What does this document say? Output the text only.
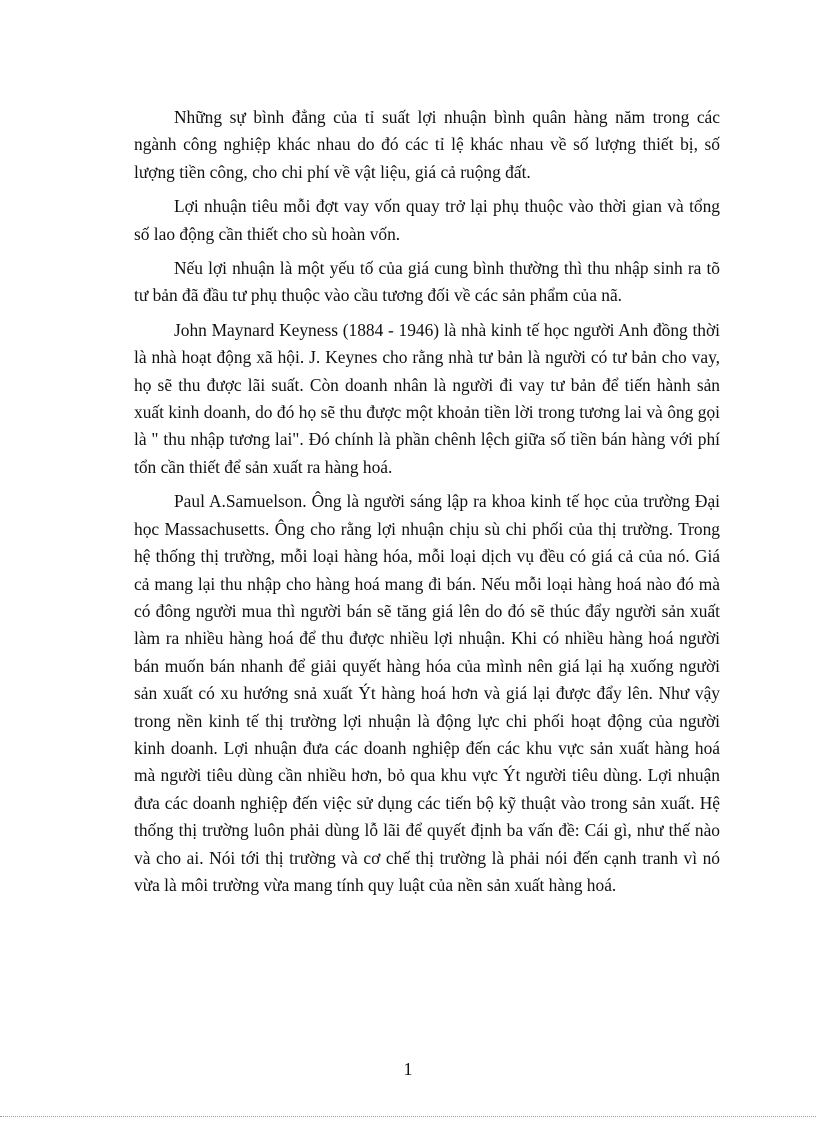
Những sự bình đẳng của tỉ suất lợi nhuận bình quân hàng năm trong các ngành công nghiệp khác nhau do đó các tỉ lệ khác nhau về số lượng thiết bị, số lượng tiền công, cho chi phí về vật liệu, giá cả ruộng đất.

Lợi nhuận tiêu mỗi đợt vay vốn quay trở lại phụ thuộc vào thời gian và tổng số lao động cần thiết cho sù hoàn vốn.

Nếu lợi nhuận là một yếu tố của giá cung bình thường thì thu nhập sinh ra tõ tư bản đã đầu tư phụ thuộc vào cầu tương đối về các sản phẩm của nã.

John Maynard Keyness (1884 - 1946) là nhà kinh tế học người Anh đồng thời là nhà hoạt động xã hội. J. Keynes cho rằng nhà tư bản là người có tư bản cho vay, họ sẽ thu được lãi suất. Còn doanh nhân là người đi vay tư bản để tiến hành sản xuất kinh doanh, do đó họ sẽ thu được một khoản tiền lời trong tương lai và ông gọi là " thu nhập tương lai". Đó chính là phần chênh lệch giữa số tiền bán hàng với phí tổn cần thiết để sản xuất ra hàng hoá.

Paul A.Samuelson. Ông là người sáng lập ra khoa kinh tế học của trường Đại học Massachusetts. Ông cho rằng lợi nhuận chịu sù chi phối của thị trường. Trong hệ thống thị trường, mỗi loại hàng hóa, mỗi loại dịch vụ đều có giá cả của nó. Giá cả mang lại thu nhập cho hàng hoá mang đi bán. Nếu mỗi loại hàng hoá nào đó mà có đông người mua thì người bán sẽ tăng giá lên do đó sẽ thúc đẩy người sản xuất làm ra nhiều hàng hoá để thu được nhiều lợi nhuận. Khi có nhiều hàng hoá người bán muốn bán nhanh để giải quyết hàng hóa của mình nên giá lại hạ xuống người sản xuất có xu hướng snả xuất Ýt hàng hoá hơn và giá lại được đẩy lên. Như vậy trong nền kinh tế thị trường lợi nhuận là động lực chi phối hoạt động của người kinh doanh. Lợi nhuận đưa các doanh nghiệp đến các khu vực sản xuất hàng hoá mà người tiêu dùng cần nhiều hơn, bỏ qua khu vực Ýt người tiêu dùng. Lợi nhuận đưa các doanh nghiệp đến việc sử dụng các tiến bộ kỹ thuật vào trong sản xuất. Hệ thống thị trường luôn phải dùng lỗ lãi để quyết định ba vấn đề: Cái gì, như thế nào và cho ai. Nói tới thị trường và cơ chế thị trường là phải nói đến cạnh tranh vì nó vừa là môi trường vừa mang tính quy luật của nền sản xuất hàng hoá.

1
